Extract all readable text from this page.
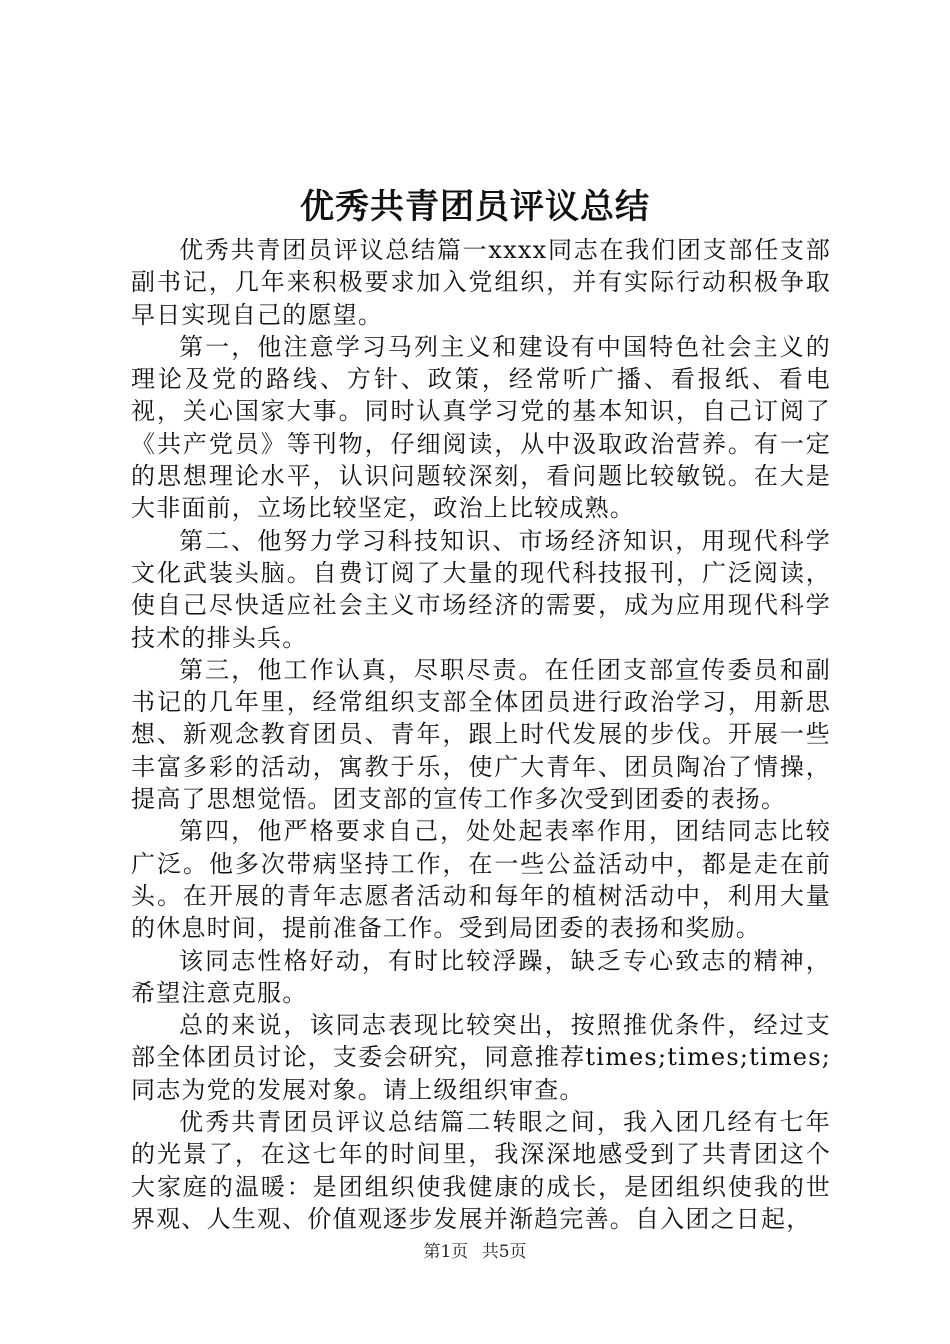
优秀共青团员评议总结

优秀共青团员评议总结篇一xxxx同志在我们团支部任支部副书记，几年来积极要求加入党组织，并有实际行动积极争取早日实现自己的愿望。

第一，他注意学习马列主义和建设有中国特色社会主义的理论及党的路线、方针、政策，经常听广播、看报纸、看电视，关心国家大事。同时认真学习党的基本知识，自己订阅了《共产党员》等刊物，仔细阅读，从中汲取政治营养。有一定的思想理论水平，认识问题较深刻，看问题比较敏锐。在大是大非面前，立场比较坚定，政治上比较成熟。

第二、他努力学习科技知识、市场经济知识，用现代科学文化武装头脑。自费订阅了大量的现代科技报刊，广泛阅读，使自己尽快适应社会主义市场经济的需要，成为应用现代科学技术的排头兵。

第三，他工作认真，尽职尽责。在任团支部宣传委员和副书记的几年里，经常组织支部全体团员进行政治学习，用新思想、新观念教育团员、青年，跟上时代发展的步伐。开展一些丰富多彩的活动，寓教于乐，使广大青年、团员陶冶了情操，提高了思想觉悟。团支部的宣传工作多次受到团委的表扬。

第四，他严格要求自己，处处起表率作用，团结同志比较广泛。他多次带病坚持工作，在一些公益活动中，都是走在前头。在开展的青年志愿者活动和每年的植树活动中，利用大量的休息时间，提前准备工作。受到局团委的表扬和奖励。

该同志性格好动，有时比较浮躁，缺乏专心致志的精神，希望注意克服。

总的来说，该同志表现比较突出，按照推优条件，经过支部全体团员讨论，支委会研究，同意推荐times;times;times;同志为党的发展对象。请上级组织审查。

优秀共青团员评议总结篇二转眼之间，我入团几经有七年的光景了，在这七年的时间里，我深深地感受到了共青团这个大家庭的温暖：是团组织使我健康的成长，是团组织使我的世界观、人生观、价值观逐步发展并渐趋完善。自入团之日起，

第1页 共5页
